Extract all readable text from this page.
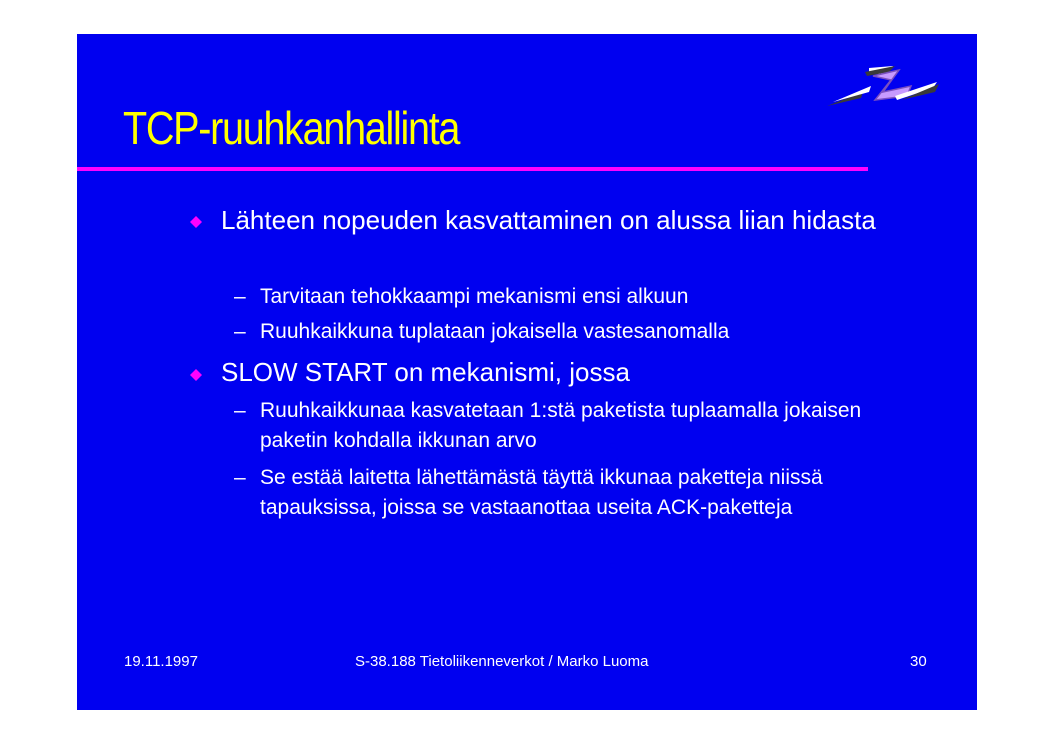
TCP-ruuhkanhallinta
Lähteen nopeuden kasvattaminen on alussa liian hidasta
– Tarvitaan tehokkaampi mekanismi ensi alkuun
– Ruuhkaikkuna tuplataan jokaisella vastesanomalla
SLOW START on mekanismi, jossa
– Ruuhkaikkunaa kasvatetaan 1:stä paketista tuplaamalla jokaisen paketin kohdalla ikkunan arvo
– Se estää laitetta lähettämästä täyttä ikkunaa paketteja niissä tapauksissa, joissa se vastaanottaa useita ACK-paketteja
19.11.1997	S-38.188 Tietoliikenneverkot / Marko Luoma	30
